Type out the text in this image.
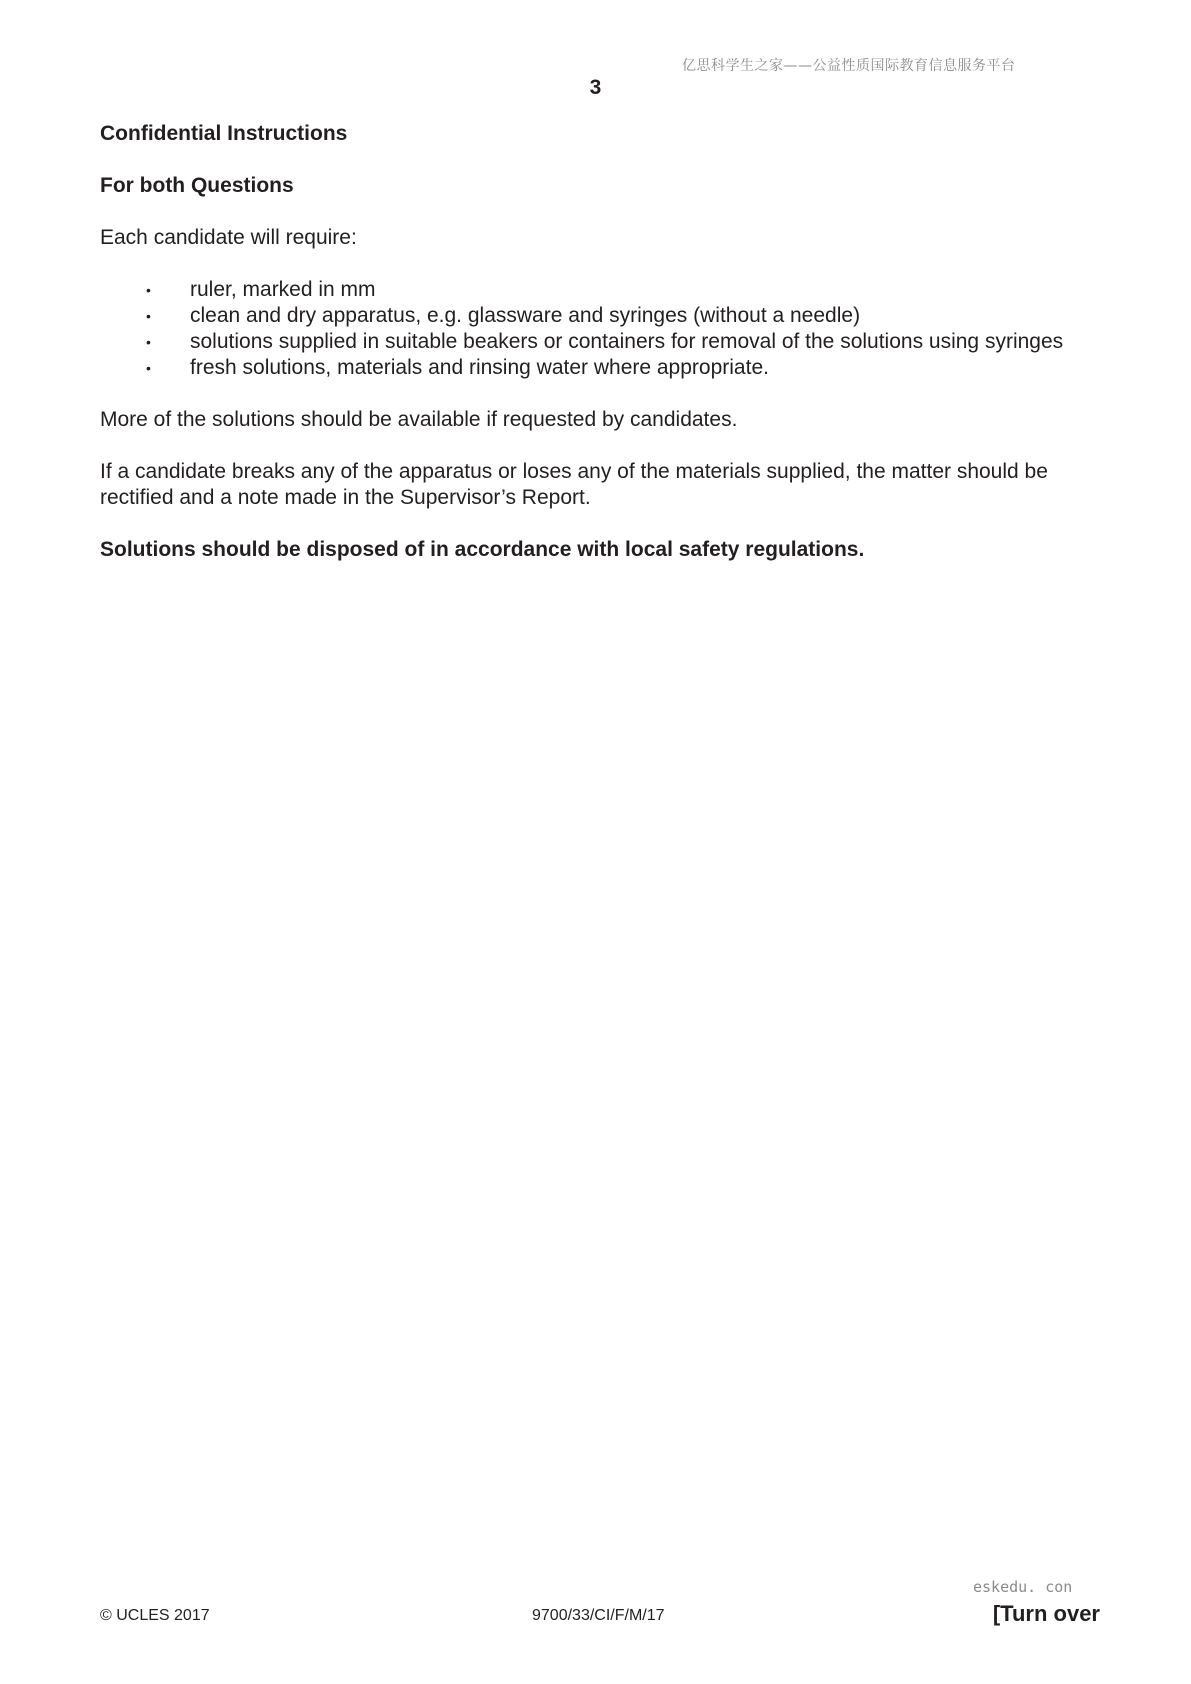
亿思科学生之家——公益性质国际教育信息服务平台
3

Confidential Instructions

For both Questions

Each candidate will require:

• ruler, marked in mm
• clean and dry apparatus, e.g. glassware and syringes (without a needle)
• solutions supplied in suitable beakers or containers for removal of the solutions using syringes
• fresh solutions, materials and rinsing water where appropriate.

More of the solutions should be available if requested by candidates.

If a candidate breaks any of the apparatus or loses any of the materials supplied, the matter should be rectified and a note made in the Supervisor’s Report.

Solutions should be disposed of in accordance with local safety regulations.

© UCLES 2017	9700/33/CI/F/M/17
eskedu. con
[Turn over
